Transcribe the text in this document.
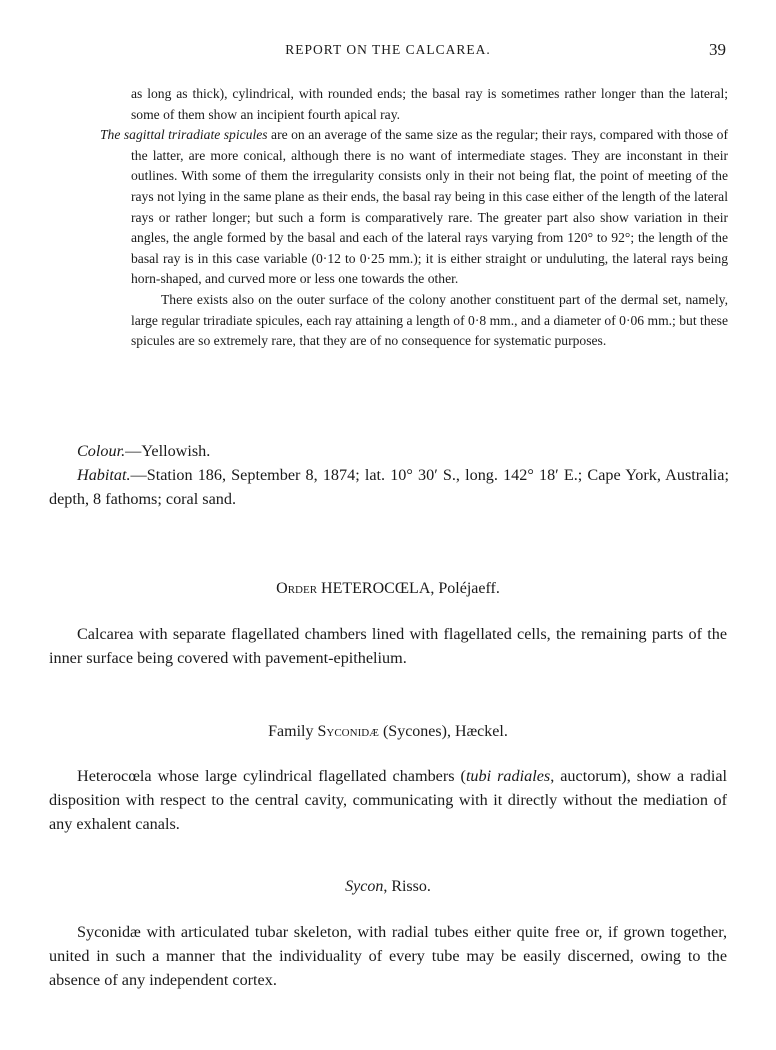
REPORT ON THE CALCAREA.	39

as long as thick), cylindrical, with rounded ends; the basal ray is sometimes rather longer than the lateral; some of them show an incipient fourth apical ray.

The sagittal triradiate spicules are on an average of the same size as the regular; their rays, compared with those of the latter, are more conical, although there is no want of intermediate stages. They are inconstant in their outlines. With some of them the irregularity consists only in their not being flat, the point of meeting of the rays not lying in the same plane as their ends, the basal ray being in this case either of the length of the lateral rays or rather longer; but such a form is comparatively rare. The greater part also show variation in their angles, the angle formed by the basal and each of the lateral rays varying from 120° to 92°; the length of the basal ray is in this case variable (0·12 to 0·25 mm.); it is either straight or unduluting, the lateral rays being horn-shaped, and curved more or less one towards the other.

There exists also on the outer surface of the colony another constituent part of the dermal set, namely, large regular triradiate spicules, each ray attaining a length of 0·8 mm., and a diameter of 0·06 mm.; but these spicules are so extremely rare, that they are of no consequence for systematic purposes.

Colour.—Yellowish.

Habitat.—Station 186, September 8, 1874; lat. 10° 30′ S., long. 142° 18′ E.; Cape York, Australia; depth, 8 fathoms; coral sand.

Order HETEROCŒLA, Poléjaeff.

Calcarea with separate flagellated chambers lined with flagellated cells, the remaining parts of the inner surface being covered with pavement-epithelium.

Family Syconidæ (Sycones), Hæckel.

Heterocœla whose large cylindrical flagellated chambers (tubi radiales, auctorum), show a radial disposition with respect to the central cavity, communicating with it directly without the mediation of any exhalent canals.

Sycon, Risso.

Syconidæ with articulated tubar skeleton, with radial tubes either quite free or, if grown together, united in such a manner that the individuality of every tube may be easily discerned, owing to the absence of any independent cortex.
